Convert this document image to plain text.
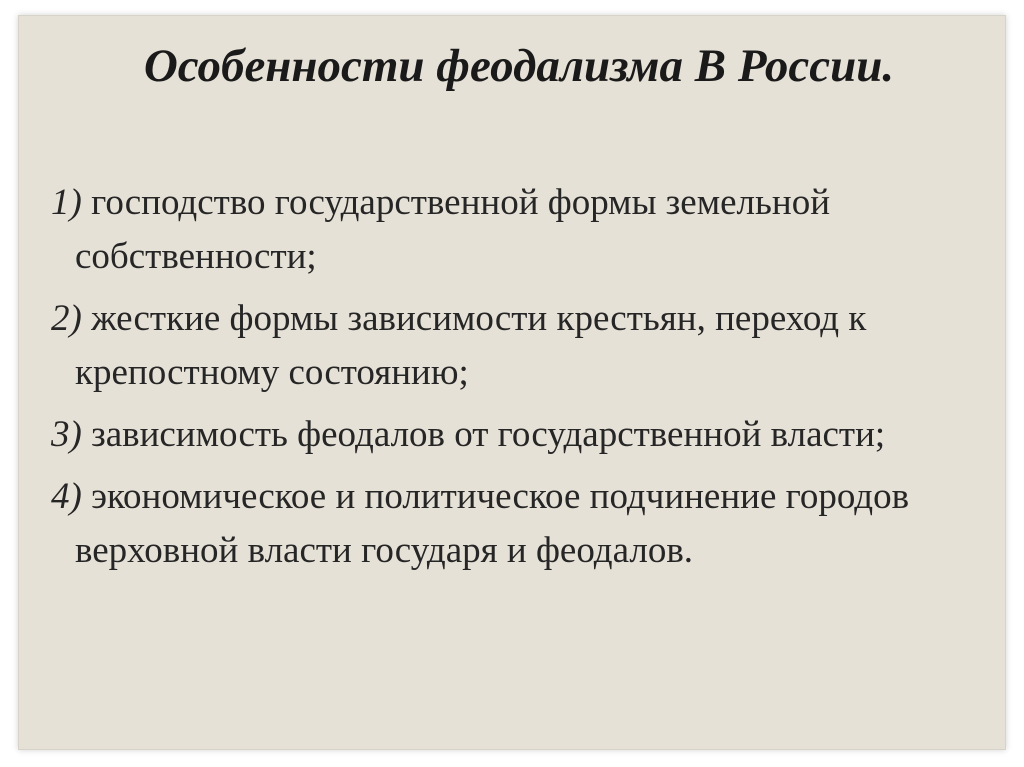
Особенности феодализма В России.
1) господство государственной формы земельной собственности;
2) жесткие формы зависимости крестьян, переход к крепостному состоянию;
3) зависимость феодалов от государственной власти;
4) экономическое и политическое подчинение городов верховной власти государя и феодалов.
